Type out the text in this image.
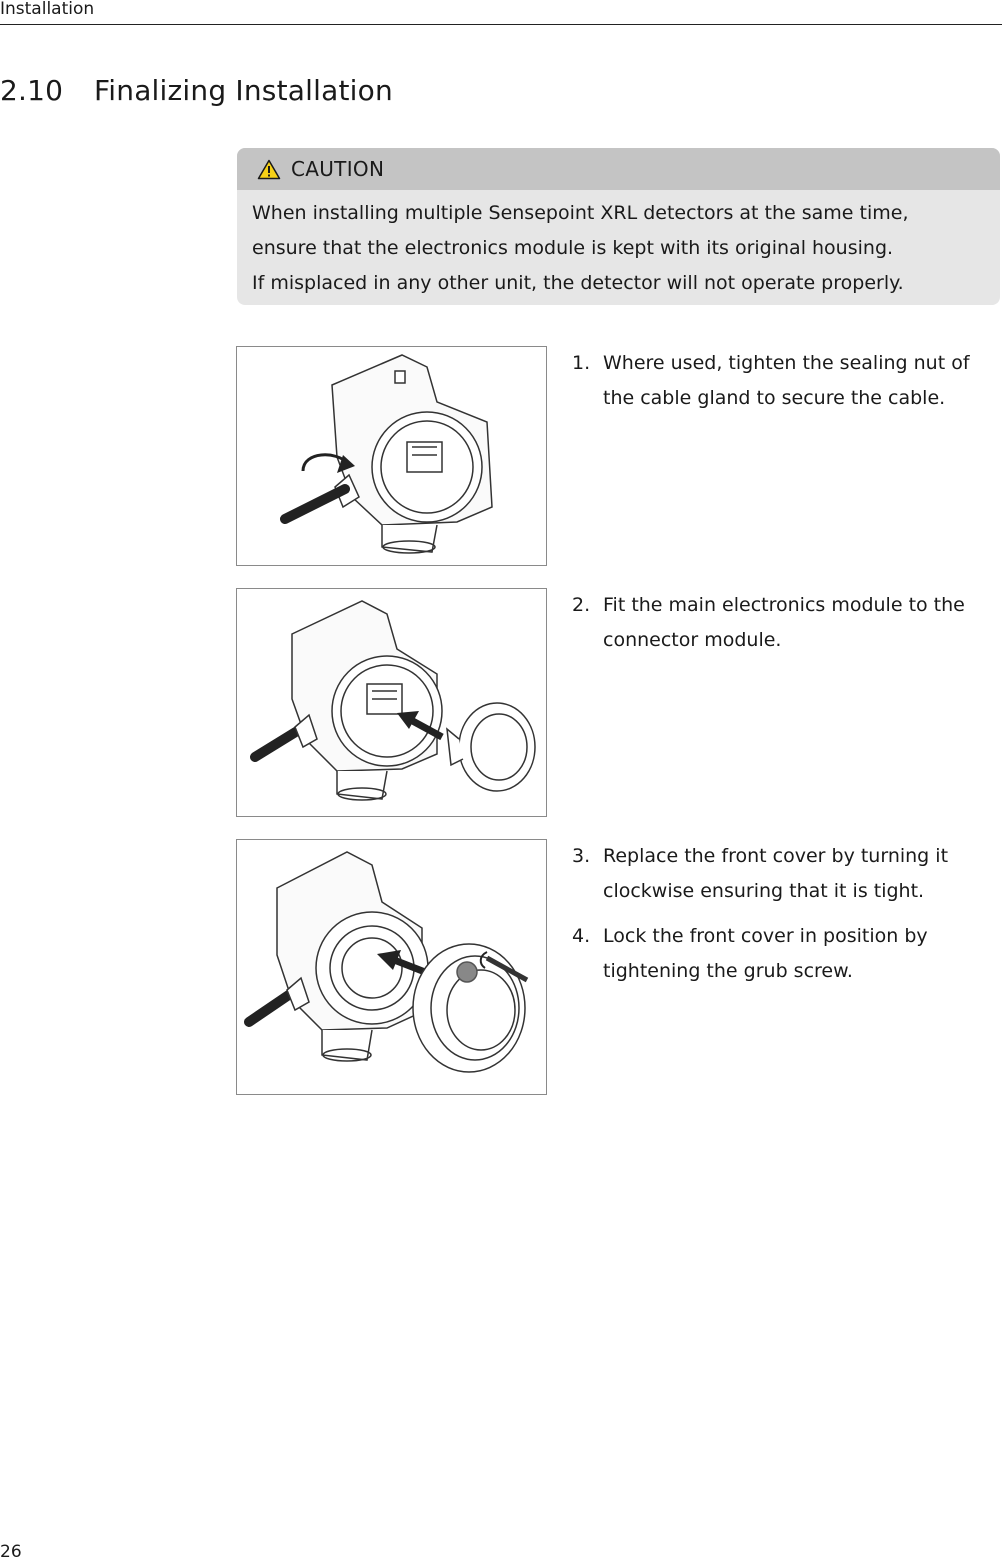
Installation
2.10 Finalizing Installation
CAUTION
When installing multiple Sensepoint XRL detectors at the same time,
ensure that the electronics module is kept with its original housing.
If misplaced in any other unit, the detector will not operate properly.
1. Where used, tighten the sealing nut of the cable gland to secure the cable.
2. Fit the main electronics module to the connector module.
3. Replace the front cover by turning it clockwise ensuring that it is tight.
4. Lock the front cover in position by tightening the grub screw.
26
